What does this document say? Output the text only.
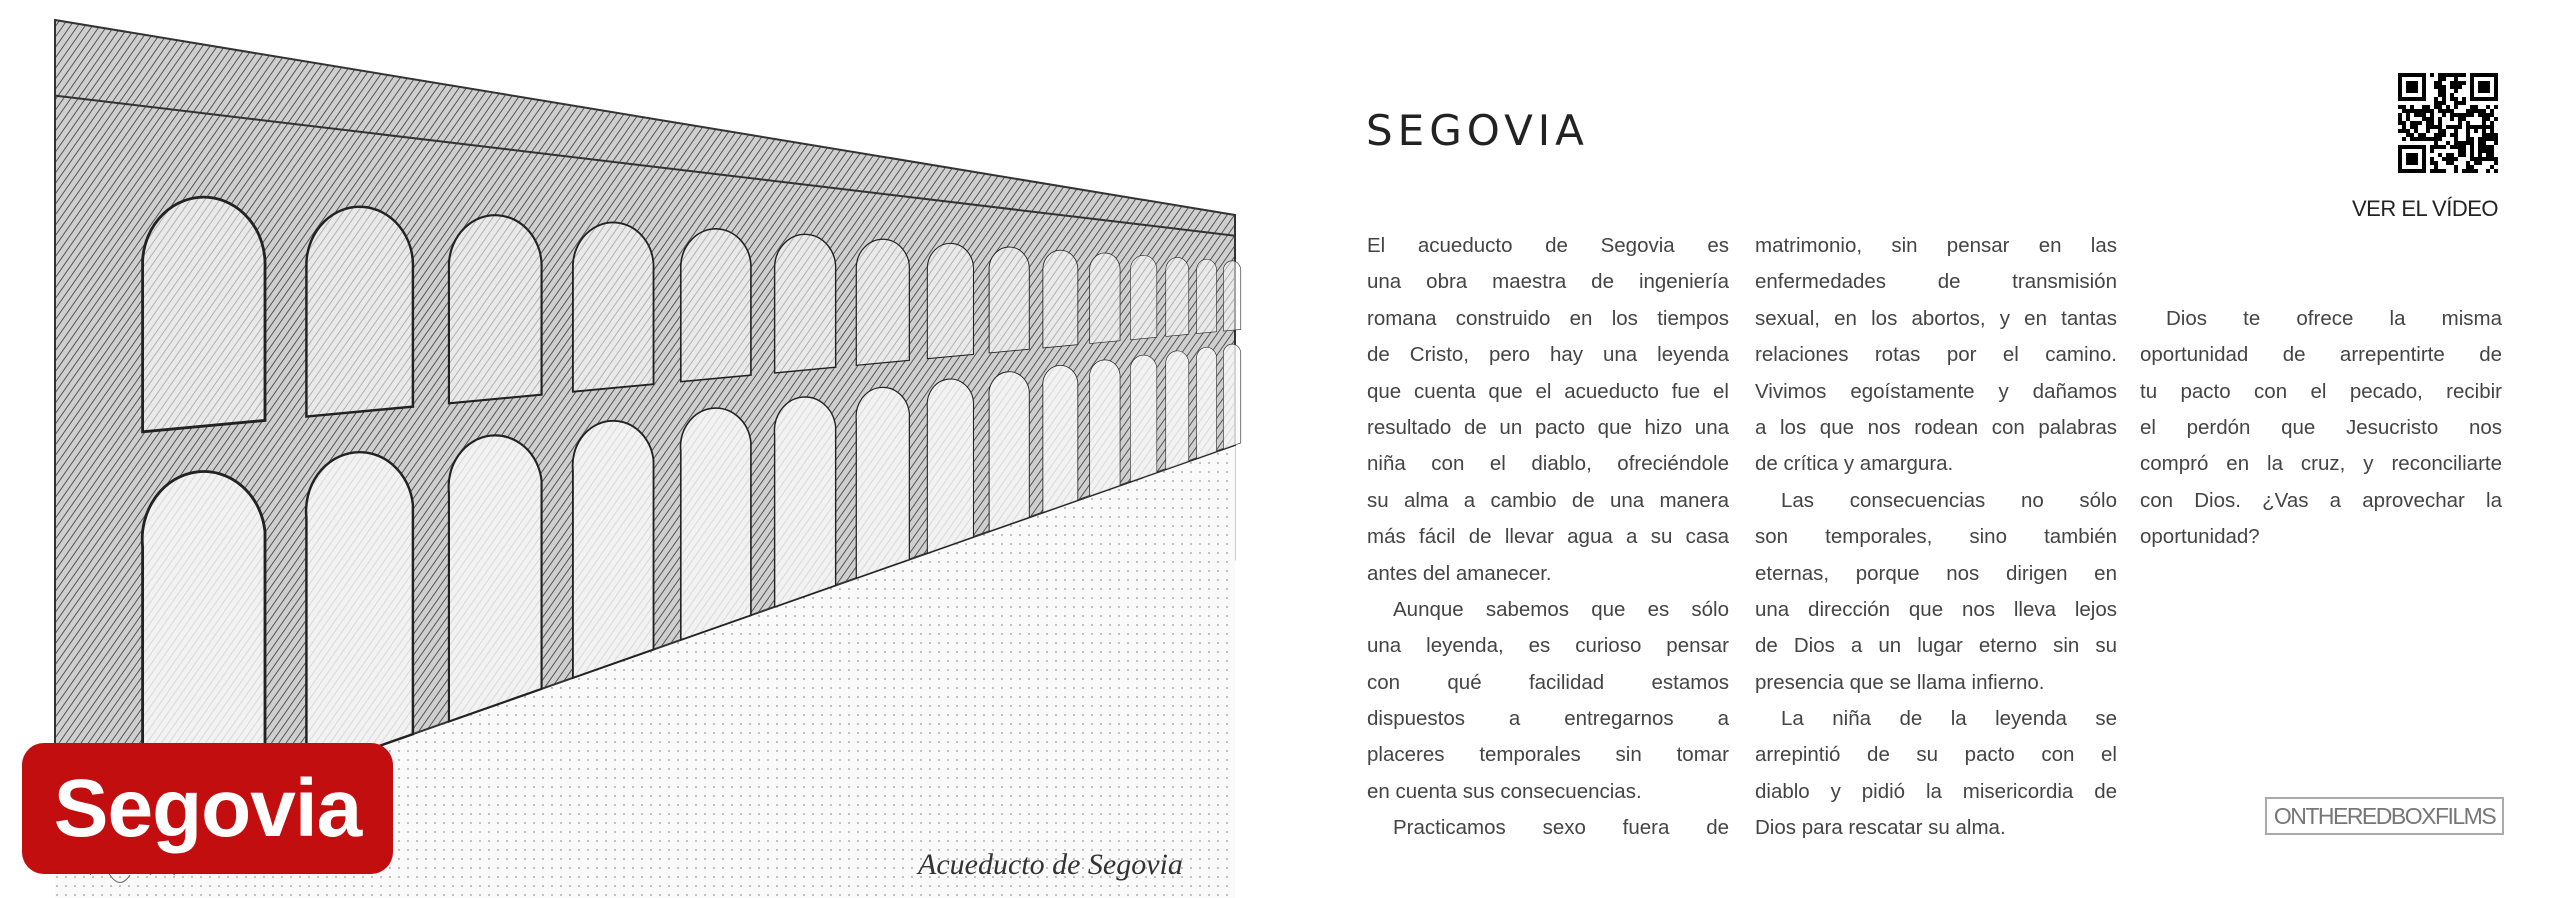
Segovia
Acueducto de Segovia
SEGOVIA
VER EL VÍDEO
El acueducto de Segovia es
una obra maestra de ingeniería
romana construido en los tiempos
de Cristo, pero hay una leyenda
que cuenta que el acueducto fue el
resultado de un pacto que hizo una
niña con el diablo, ofreciéndole
su alma a cambio de una manera
más fácil de llevar agua a su casa
antes del amanecer.
Aunque sabemos que es sólo
una leyenda, es curioso pensar
con qué facilidad estamos
dispuestos a entregarnos a
placeres temporales sin tomar
en cuenta sus consecuencias.
Practicamos sexo fuera de
matrimonio, sin pensar en las
enfermedades de transmisión
sexual, en los abortos, y en tantas
relaciones rotas por el camino.
Vivimos egoístamente y dañamos
a los que nos rodean con palabras
de crítica y amargura.
Las consecuencias no sólo
son temporales, sino también
eternas, porque nos dirigen en
una dirección que nos lleva lejos
de Dios a un lugar eterno sin su
presencia que se llama infierno.
La niña de la leyenda se
arrepintió de su pacto con el
diablo y pidió la misericordia de
Dios para rescatar su alma.
Dios te ofrece la misma
oportunidad de arrepentirte de
tu pacto con el pecado, recibir
el perdón que Jesucristo nos
compró en la cruz, y reconciliarte
con Dios. ¿Vas a aprovechar la
oportunidad?
ONTHEREDBOXFILMS
